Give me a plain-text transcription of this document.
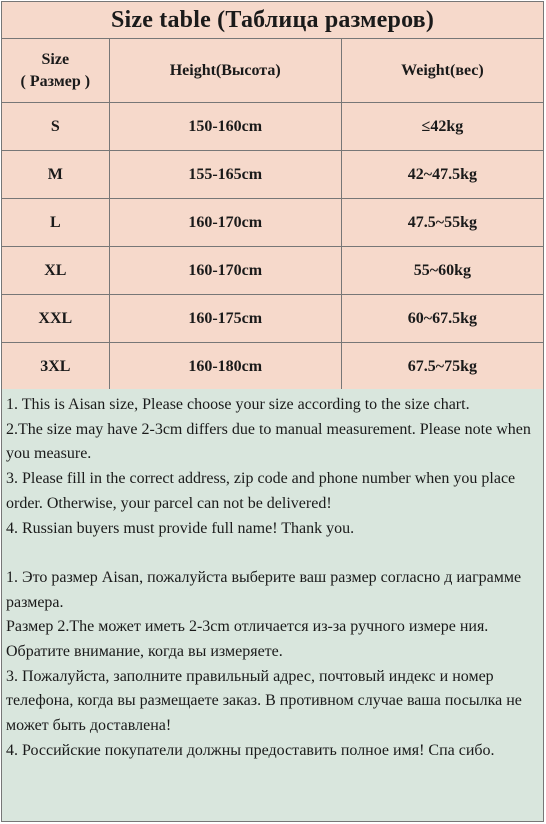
Size table (Таблица размеров)		

Size
( Размер )	Height(Высота)	Weight(вес)
S	150-160cm	≤42kg
M	155-165cm	42~47.5kg
L	160-170cm	47.5~55kg
XL	160-170cm	55~60kg
XXL	160-175cm	60~67.5kg
3XL	160-180cm	67.5~75kg

1. This is Aisan size, Please choose your size according to the size chart.

2.The size may have 2-3cm differs due to manual measurement. Please note when you measure.

3. Please fill in the correct address, zip code and phone number when you place order. Otherwise, your parcel can not be delivered!

4. Russian buyers must provide full name! Thank you.

1. Это размер Aisan, пожалуйста выберите ваш размер согласно д иаграмме размера.

Размер 2.The может иметь 2-3cm отличается из-за ручного измере ния. Обратите внимание, когда вы измеряете.

3. Пожалуйста, заполните правильный адрес, почтовый индекс и номер телефона, когда вы размещаете заказ. В противном случае ваша посылка не может быть доставлена!

4. Российские покупатели должны предоставить полное имя! Спа сибо.
